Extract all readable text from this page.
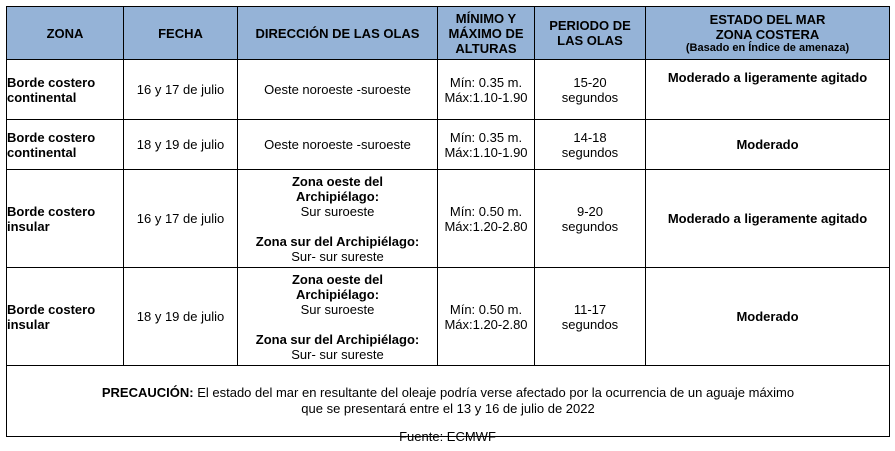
ZONA	FECHA	DIRECCIÓN DE LAS OLAS	MÍNIMO Y
MÁXIMO DE
ALTURAS	PERIODO DE
LAS OLAS	ESTADO DEL MAR
ZONA COSTERA
(Basado en Índice de amenaza)

Borde costero
continental	16 y 17 de julio	Oeste noroeste -suroeste	Mín: 0.35 m.
Máx:1.10-1.90	15-20
segundos	Moderado a ligeramente agitado

Borde costero
continental	18 y 19 de julio	Oeste noroeste -suroeste	Mín: 0.35 m.
Máx:1.10-1.90	14-18
segundos	Moderado

Borde costero
insular	16 y 17 de julio	Zona oeste del
Archipiélago:
Sur suroeste
Zona sur del Archipiélago:
Sur- sur sureste	Mín: 0.50 m.
Máx:1.20-2.80	9-20
segundos	Moderado a ligeramente agitado

Borde costero
insular	18 y 19 de julio	Zona oeste del
Archipiélago:
Sur suroeste
Zona sur del Archipiélago:
Sur- sur sureste	Mín: 0.50 m.
Máx:1.20-2.80	11-17
segundos	Moderado
PRECAUCIÓN: El estado del mar en resultante del oleaje podría verse afectado por la ocurrencia de un aguaje máximo
que se presentará entre el 13 y 16 de julio de 2022					
Fuente: ECMWF
